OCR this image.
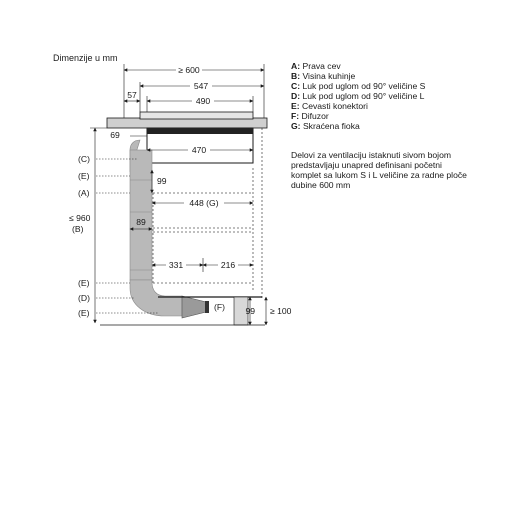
Dimenzije u mm
≥ 600
547
57
490
69
470
99
448 (G)
89
331	216
≤ 960
(B)
99 ≥ 100
(F)
(C)
(E)
(A)
(E)
(D)
(E)
A: Prava cev
B: Visina kuhinje
C: Luk pod uglom od 90° veličine S
D: Luk pod uglom od 90° veličine L
E: Cevasti konektori
F: Difuzor
G: Skraćena fioka
Delovi za ventilaciju istaknuti sivom bojom predstavljaju unapred definisani početni komplet sa lukom S i L veličine za radne ploče dubine 600 mm
